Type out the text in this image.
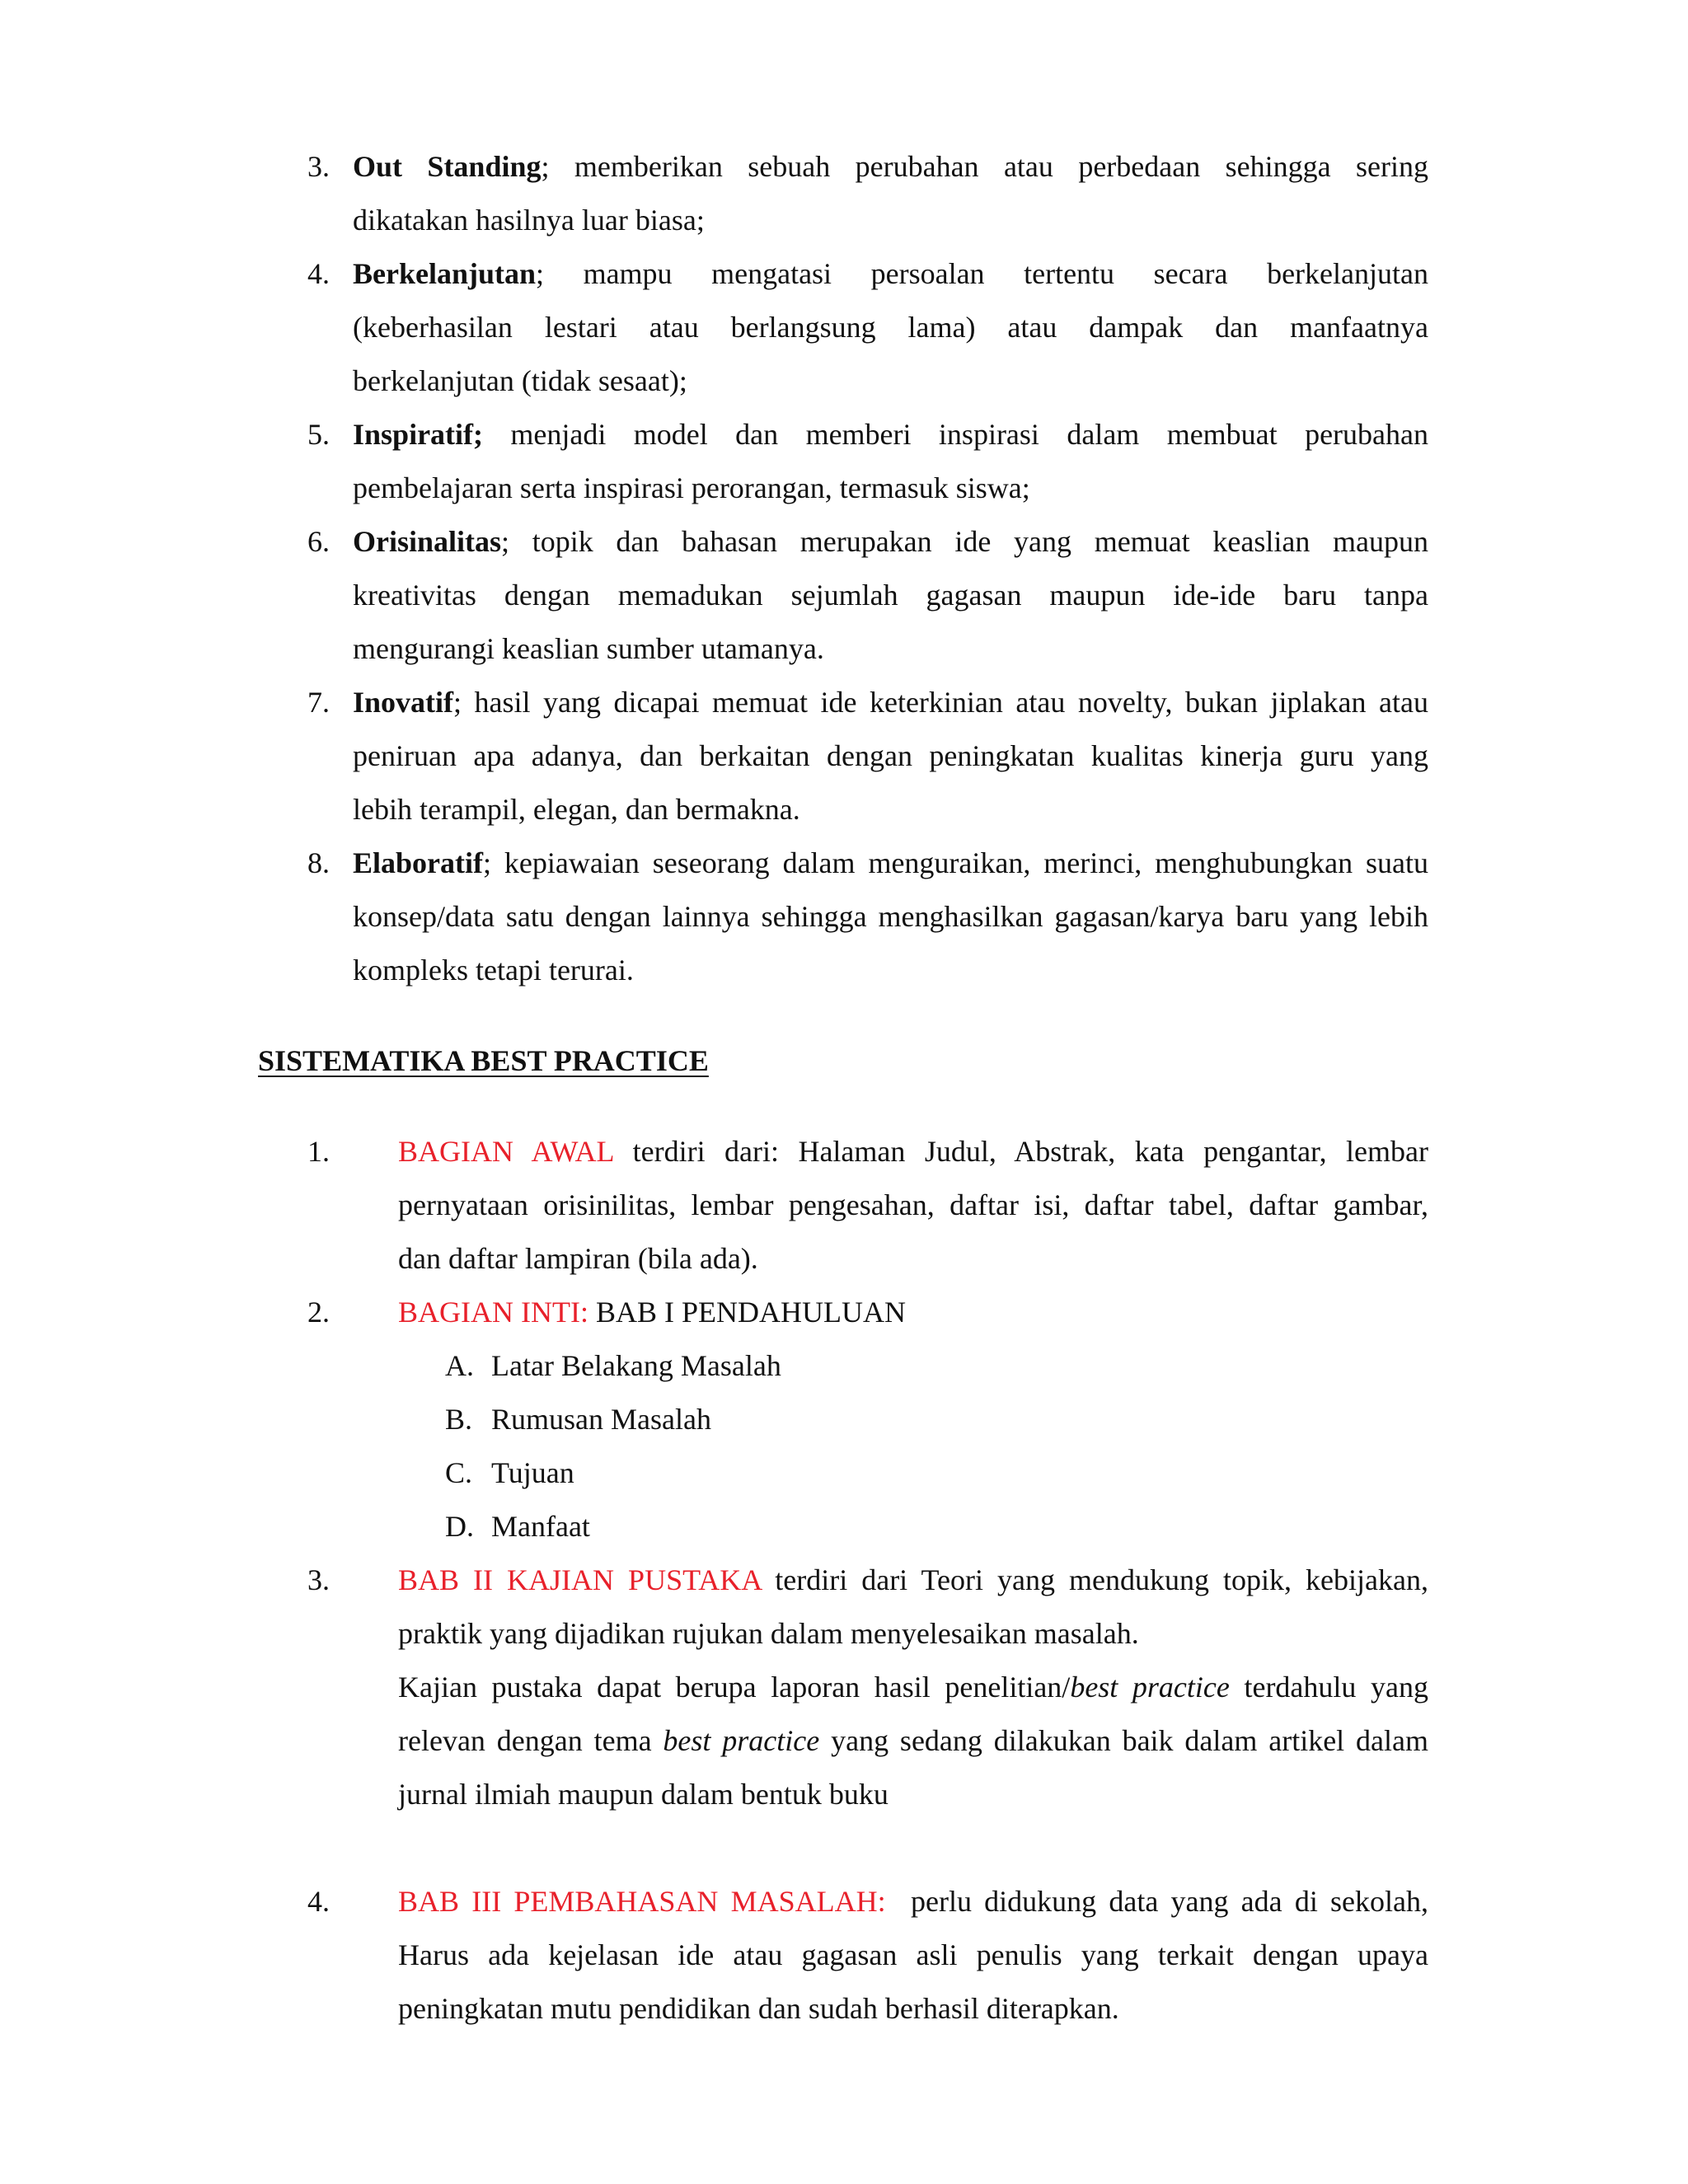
3. Out Standing; memberikan sebuah perubahan atau perbedaan sehingga sering
dikatakan hasilnya luar biasa;
4. Berkelanjutan; mampu mengatasi persoalan tertentu secara berkelanjutan
(keberhasilan lestari atau berlangsung lama) atau dampak dan manfaatnya
berkelanjutan (tidak sesaat);
5. Inspiratif; menjadi model dan memberi inspirasi dalam membuat perubahan
pembelajaran serta inspirasi perorangan, termasuk siswa;
6. Orisinalitas; topik dan bahasan merupakan ide yang memuat keaslian maupun
kreativitas dengan memadukan sejumlah gagasan maupun ide-ide baru tanpa
mengurangi keaslian sumber utamanya.
7. Inovatif; hasil yang dicapai memuat ide keterkinian atau novelty, bukan jiplakan atau
peniruan apa adanya, dan berkaitan dengan peningkatan kualitas kinerja guru yang
lebih terampil, elegan, dan bermakna.
8. Elaboratif; kepiawaian seseorang dalam menguraikan, merinci, menghubungkan suatu
konsep/data satu dengan lainnya sehingga menghasilkan gagasan/karya baru yang lebih
kompleks tetapi terurai.
SISTEMATIKA BEST PRACTICE
1. BAGIAN AWAL terdiri dari: Halaman Judul, Abstrak, kata pengantar, lembar
pernyataan orisinilitas, lembar pengesahan, daftar isi, daftar tabel, daftar gambar,
dan daftar lampiran (bila ada).
2. BAGIAN INTI: BAB I PENDAHULUAN
A. Latar Belakang Masalah
B. Rumusan Masalah
C. Tujuan
D. Manfaat
3. BAB II KAJIAN PUSTAKA terdiri dari Teori yang mendukung topik, kebijakan,
praktik yang dijadikan rujukan dalam menyelesaikan masalah.
Kajian pustaka dapat berupa laporan hasil penelitian/best practice terdahulu yang
relevan dengan tema best practice yang sedang dilakukan baik dalam artikel dalam
jurnal ilmiah maupun dalam bentuk buku
4. BAB III PEMBAHASAN MASALAH:  perlu didukung data yang ada di sekolah,
Harus ada kejelasan ide atau gagasan asli penulis yang terkait dengan upaya
peningkatan mutu pendidikan dan sudah berhasil diterapkan.
